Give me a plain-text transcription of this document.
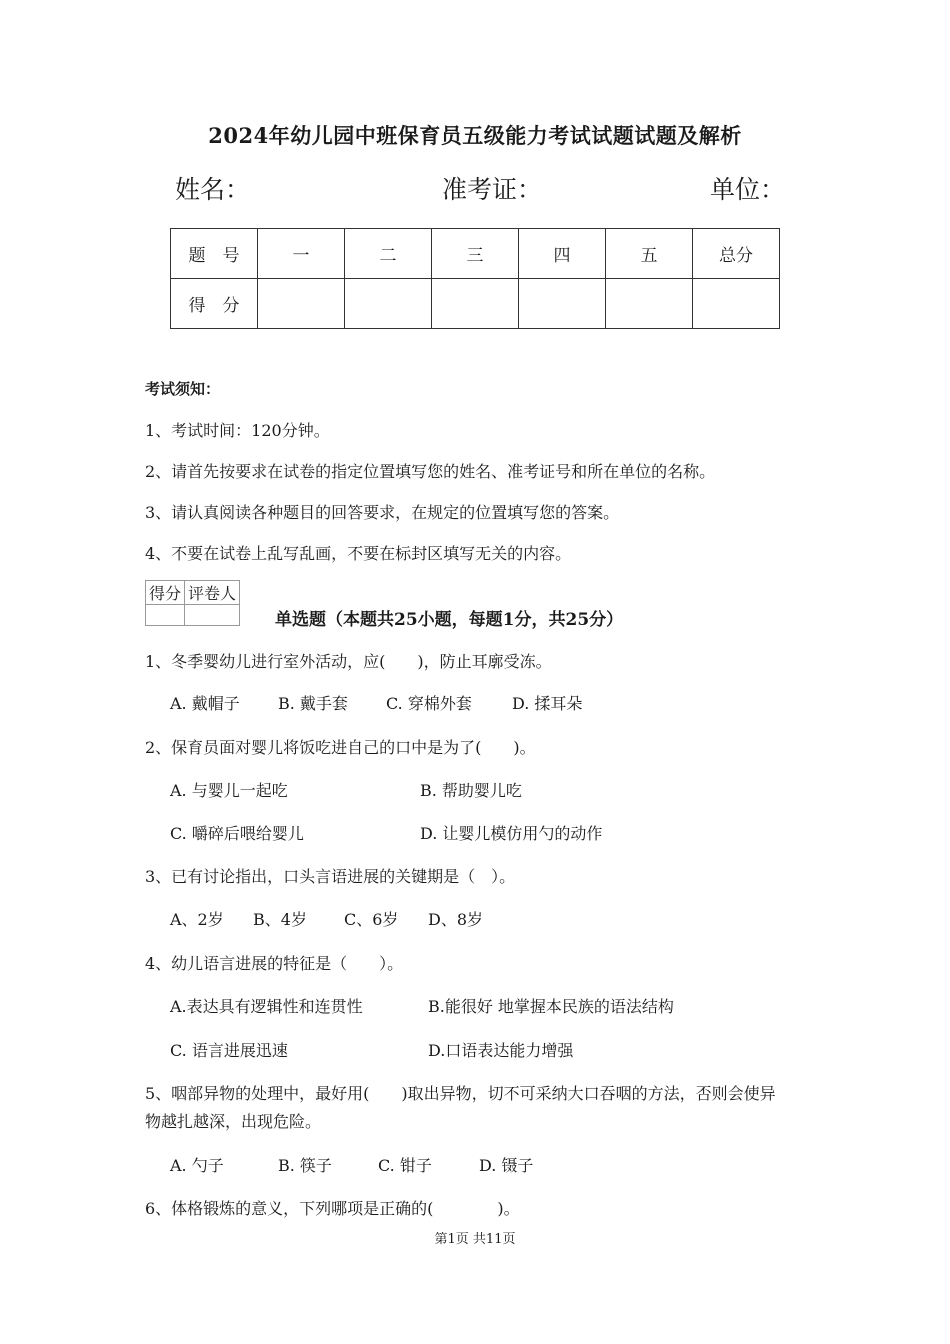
2024年幼儿园中班保育员五级能力考试试题试题及解析
姓名：	准考证：	单位：
题　号	一	二	三	四	五	总分
得　分						
考试须知：
1、考试时间：120分钟。
2、请首先按要求在试卷的指定位置填写您的姓名、准考证号和所在单位的名称。
3、请认真阅读各种题目的回答要求，在规定的位置填写您的答案。
4、不要在试卷上乱写乱画，不要在标封区填写无关的内容。
得分	评卷人

单选题（本题共25小题，每题1分，共25分）
1、冬季婴幼儿进行室外活动，应(　　)，防止耳廓受冻。
A. 戴帽子 B. 戴手套 C. 穿棉外套	D. 揉耳朵
2、保育员面对婴儿将饭吃进自己的口中是为了(　　)。
A. 与婴儿一起吃	B. 帮助婴儿吃
C. 嚼碎后喂给婴儿	D. 让婴儿模仿用勺的动作
3、已有讨论指出，口头言语进展的关键期是（　）。
A、2岁 B、4岁 C、6岁 D、8岁
4、幼儿语言进展的特征是（　　）。
A.表达具有逻辑性和连贯性	B.能很好 地掌握本民族的语法结构
C. 语言进展迅速	D.口语表达能力增强
5、咽部异物的处理中，最好用(　　)取出异物，切不可采纳大口吞咽的方法，否则会使异
物越扎越深，出现危险。
A. 勺子	B. 筷子	C. 钳子	D. 镊子
6、体格锻炼的意义，下列哪项是正确的(　　　　)。
第1页 共11页
